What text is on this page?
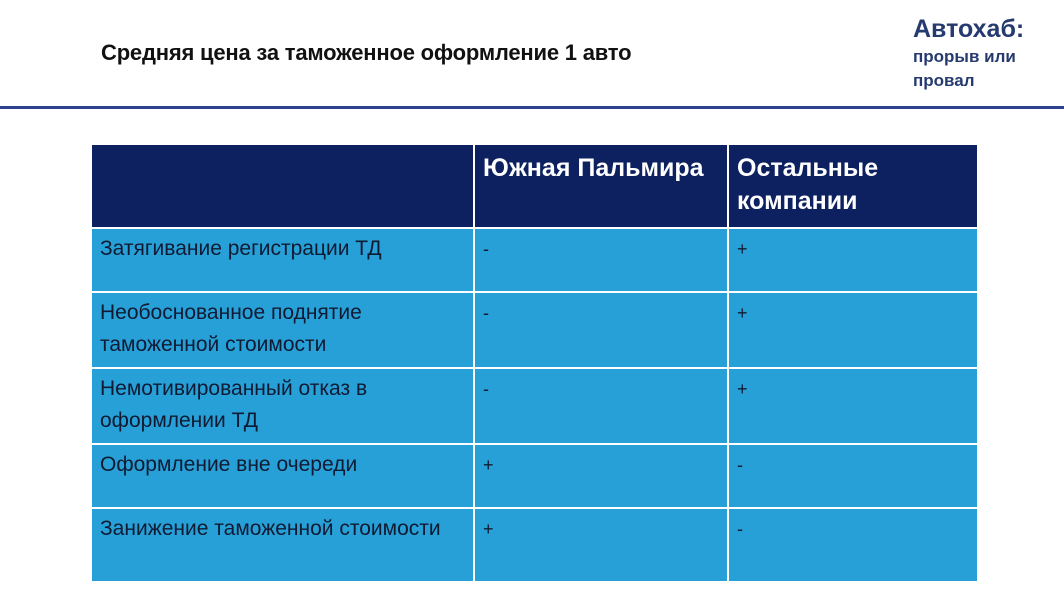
Средняя цена за таможенное оформление 1 авто
Автохаб:
прорыв или
провал
	Южная Пальмира	Остальные компании
Затягивание регистрации ТД	-	+
Необоснованное поднятие таможенной стоимости	-	+
Немотивированный отказ в оформлении ТД	-	+
Оформление вне очереди	+	-
Занижение таможенной стоимости	+	-
